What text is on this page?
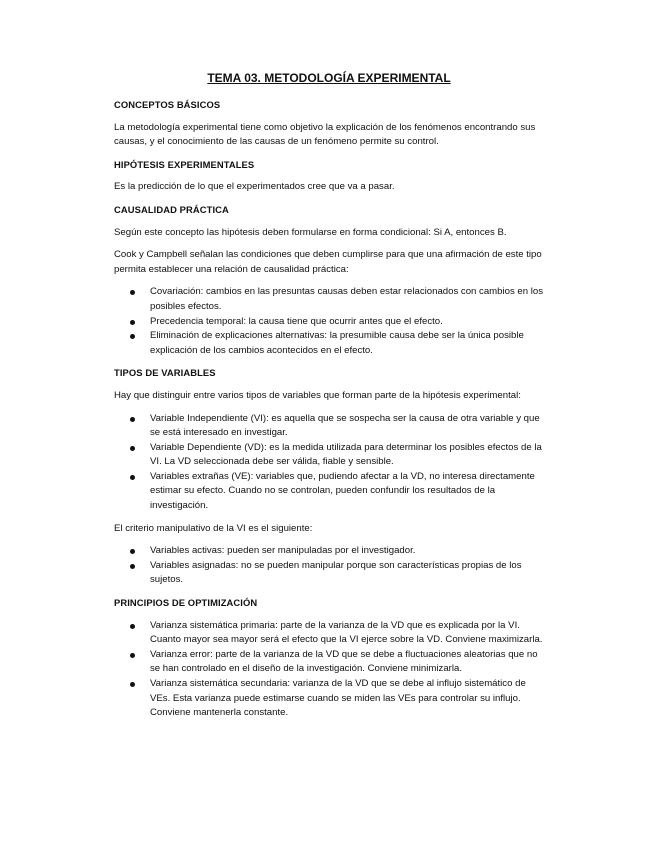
TEMA 03. METODOLOGÍA EXPERIMENTAL
CONCEPTOS BÁSICOS

La metodología experimental tiene como objetivo la explicación de los fenómenos encontrando sus causas, y el conocimiento de las causas de un fenómeno permite su control.

HIPÓTESIS EXPERIMENTALES

Es la predicción de lo que el experimentados cree que va a pasar.

CAUSALIDAD PRÁCTICA

Según este concepto las hipótesis deben formularse en forma condicional: Si A, entonces B.

Cook y Campbell señalan las condiciones que deben cumplirse para que una afirmación de este tipo permita establecer una relación de causalidad práctica:

Covariación: cambios en las presuntas causas deben estar relacionados con cambios en los posibles efectos.
Precedencia temporal: la causa tiene que ocurrir antes que el efecto.
Eliminación de explicaciones alternativas: la presumible causa debe ser la única posible explicación de los cambios acontecidos en el efecto.
TIPOS DE VARIABLES

Hay que distinguir entre varios tipos de variables que forman parte de la hipótesis experimental:

Variable Independiente (VI): es aquella que se sospecha ser la causa de otra variable y que se está interesado en investigar.
Variable Dependiente (VD): es la medida utilizada para determinar los posibles efectos de la VI. La VD seleccionada debe ser válida, fiable y sensible.
Variables extrañas (VE): variables que, pudiendo afectar a la VD, no interesa directamente estimar su efecto. Cuando no se controlan, pueden confundir los resultados de la investigación.

El criterio manipulativo de la VI es el siguiente:

Variables activas: pueden ser manipuladas por el investigador.
Variables asignadas: no se pueden manipular porque son características propias de los sujetos.
PRINCIPIOS DE OPTIMIZACIÓN
Varianza sistemática primaria: parte de la varianza de la VD que es explicada por la VI. Cuanto mayor sea mayor será el efecto que la VI ejerce sobre la VD. Conviene maximizarla.
Varianza error: parte de la varianza de la VD que se debe a fluctuaciones aleatorias que no se han controlado en el diseño de la investigación. Conviene minimizarla.
Varianza sistemática secundaria: varianza de la VD que se debe al influjo sistemático de VEs. Esta varianza puede estimarse cuando se miden las VEs para controlar su influjo. Conviene mantenerla constante.
